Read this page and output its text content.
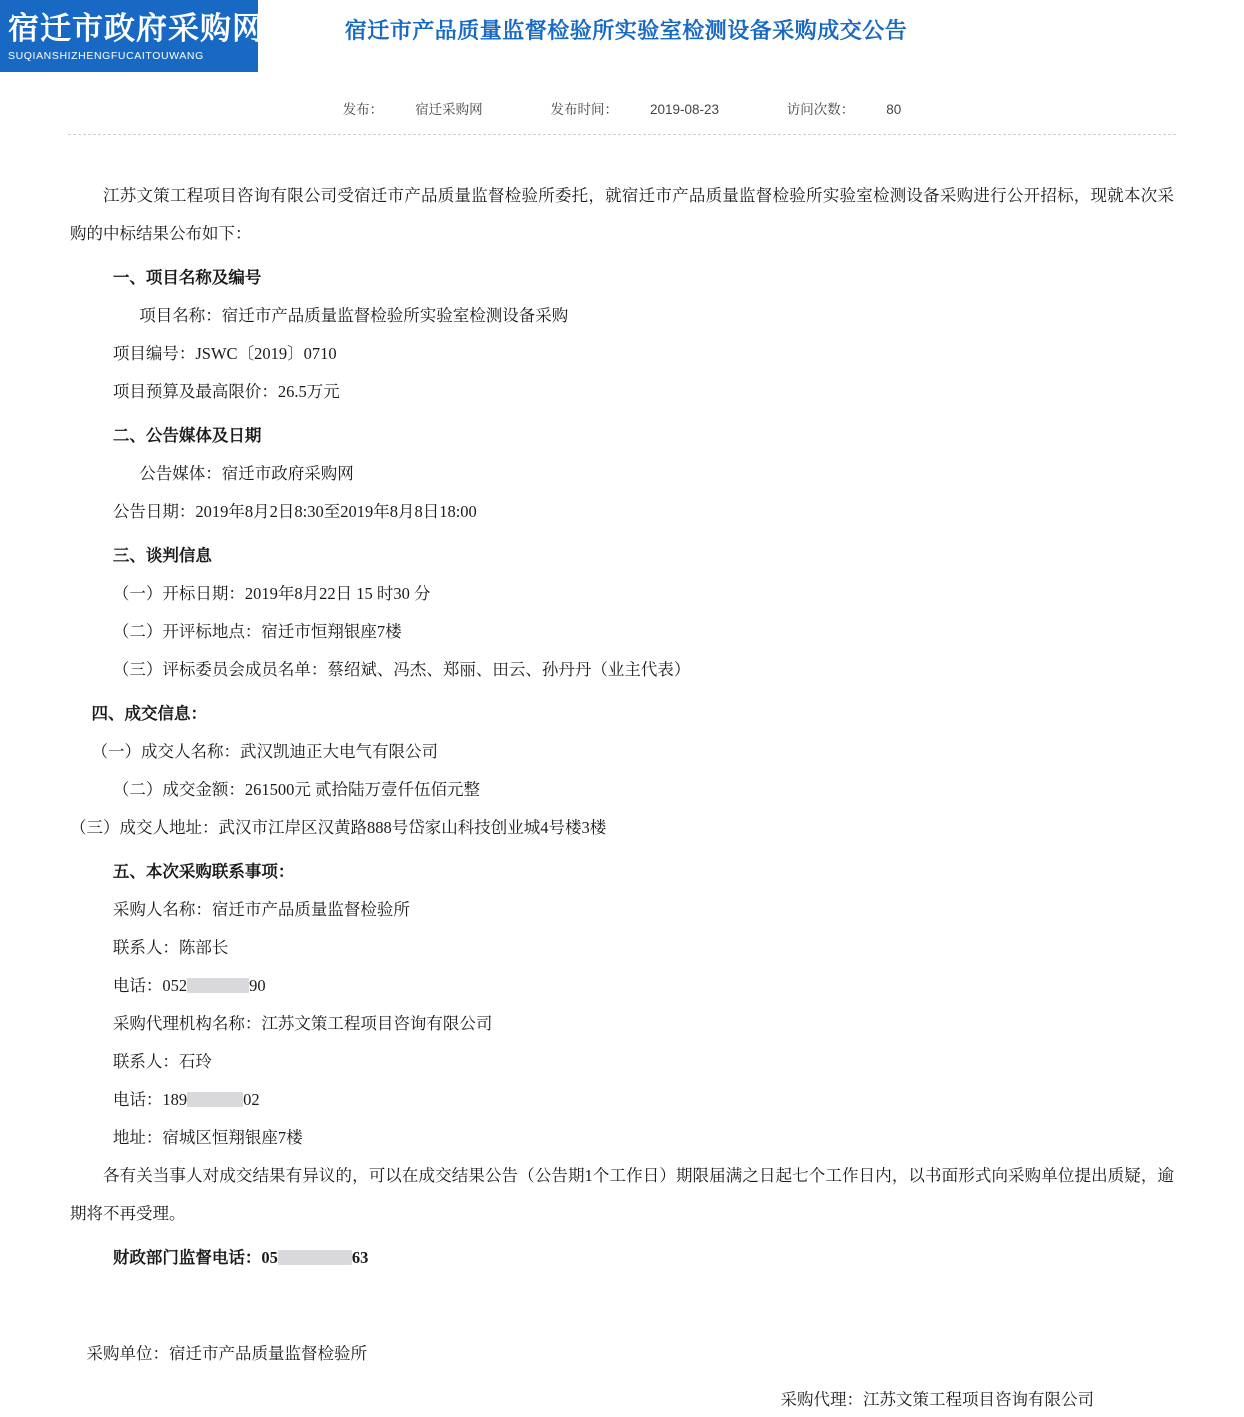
宿迁市政府采购网
SUQIANSHIZHENGFUCAITOUWANG
宿迁市产品质量监督检验所实验室检测设备采购成交公告
发布： 宿迁采购网	发布时间： 2019-08-23	访问次数： 80

江苏文策工程项目咨询有限公司受宿迁市产品质量监督检验所委托，就宿迁市产品质量监督检验所实验室检测设备采购进行公开招标，现就本次采购的中标结果公布如下：

一、项目名称及编号

项目名称：宿迁市产品质量监督检验所实验室检测设备采购

项目编号：JSWC〔2019〕0710

项目预算及最高限价：26.5万元

二、公告媒体及日期

公告媒体：宿迁市政府采购网

公告日期：2019年8月2日8:30至2019年8月8日18:00

三、谈判信息

（一）开标日期：2019年8月22日 15 时30 分

（二）开评标地点：宿迁市恒翔银座7楼

（三）评标委员会成员名单：蔡绍斌、冯杰、郑丽、田云、孙丹丹（业主代表）

四、成交信息：

（一）成交人名称：武汉凯迪正大电气有限公司

（二）成交金额：261500元 贰拾陆万壹仟伍佰元整

（三）成交人地址：武汉市江岸区汉黄路888号岱家山科技创业城4号楼3楼

五、本次采购联系事项：

采购人名称：宿迁市产品质量监督检验所

联系人：陈部长

电话：052	90

采购代理机构名称：江苏文策工程项目咨询有限公司

联系人：石玲

电话：189	02

地址：宿城区恒翔银座7楼

各有关当事人对成交结果有异议的，可以在成交结果公告（公告期1个工作日）期限届满之日起七个工作日内，以书面形式向采购单位提出质疑，逾期将不再受理。

财政部门监督电话：05	63

采购单位：宿迁市产品质量监督检验所

采购代理：江苏文策工程项目咨询有限公司
